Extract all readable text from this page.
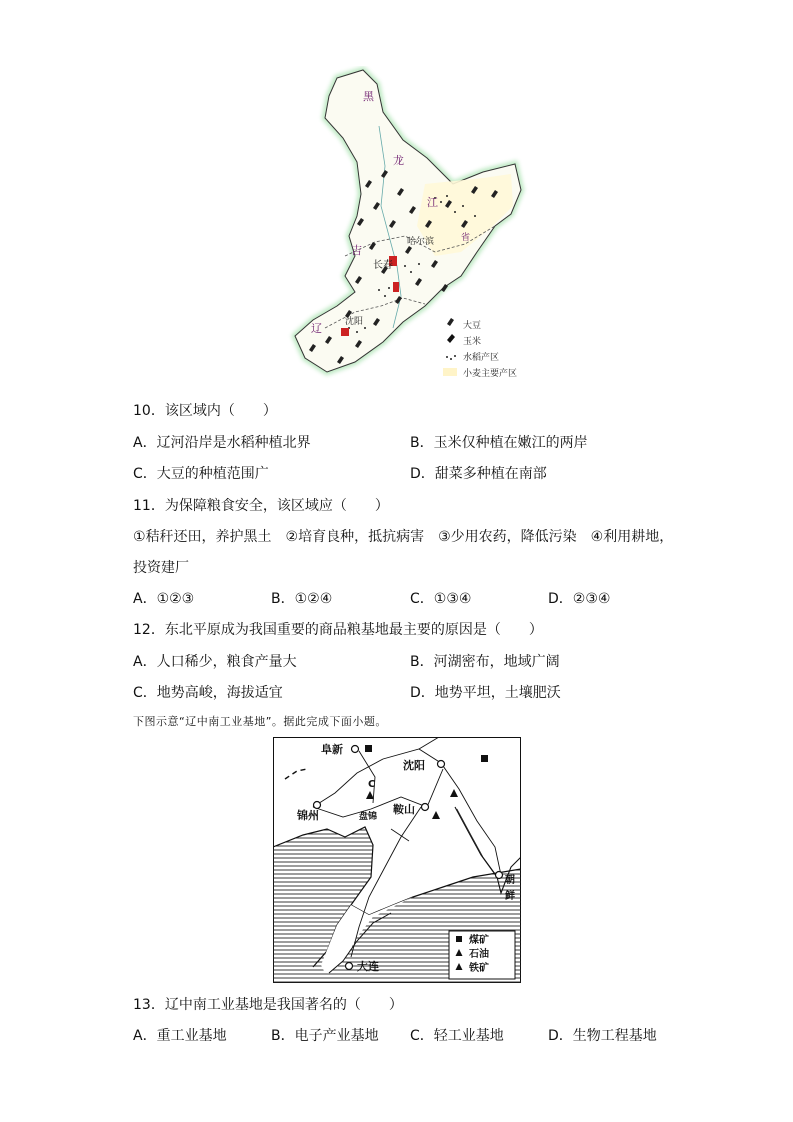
黑
龙
江
吉
长春
哈尔滨
沈阳
辽
省
大豆
玉米
水稻产区
小麦主要产区
10．该区域内（　　）
A．辽河沿岸是水稻种植北界	B．玉米仅种植在嫩江的两岸
C．大豆的种植范围广	D．甜菜多种植在南部
11．为保障粮食安全，该区域应（　　）
①秸秆还田，养护黑土　②培育良种，抵抗病害　③少用农药，降低污染　④利用耕地，
投资建厂
A．①②③	B．①②④	C．①③④	D．②③④
12．东北平原成为我国重要的商品粮基地最主要的原因是（　　）
A．人口稀少，粮食产量大	B．河湖密布，地域广阔
C．地势高峻，海拔适宜	D．地势平坦，土壤肥沃
下图示意“辽中南工业基地”。据此完成下面小题。
C
阜新
沈阳
锦州	鞍山
盘锦
大连
朝
鲜
煤矿
石油
铁矿
13．辽中南工业基地是我国著名的（　　）
A．重工业基地	B．电子产业基地 C．轻工业基地	D．生物工程基地
